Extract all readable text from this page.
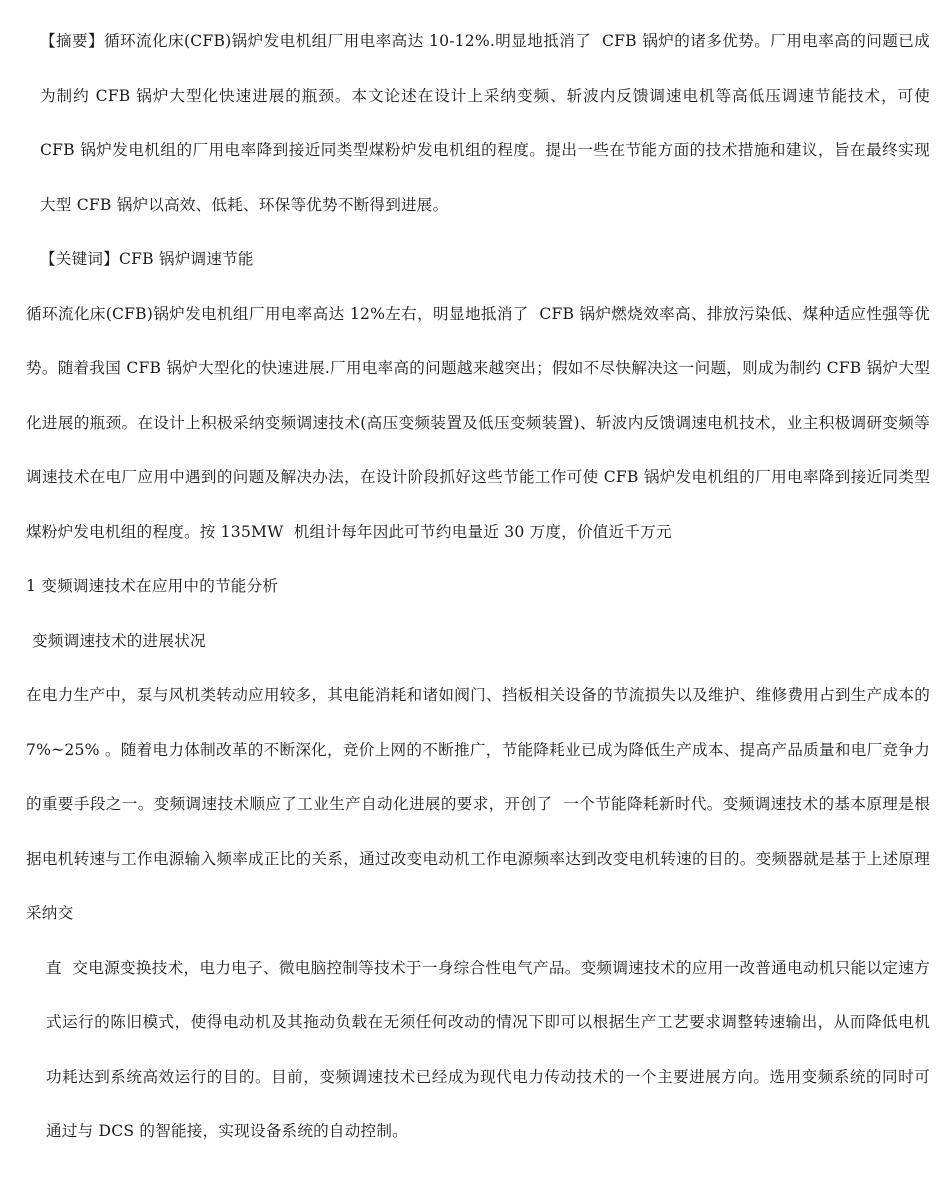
【摘要】循环流化床(CFB)锅炉发电机组厂用电率高达 10-12%.明显地抵消了  CFB 锅炉的诸多优势。厂用电率高的问题已成为制约 CFB 锅炉大型化快速进展的瓶颈。本文论述在设计上采纳变频、斩波内反馈调速电机等高低压调速节能技术，可使 CFB 锅炉发电机组的厂用电率降到接近同类型煤粉炉发电机组的程度。提出一些在节能方面的技术措施和建议，旨在最终实现大型 CFB 锅炉以高效、低耗、环保等优势不断得到进展。

【关键词】CFB 锅炉调速节能

循环流化床(CFB)锅炉发电机组厂用电率高达 12%左右，明显地抵消了  CFB 锅炉燃烧效率高、排放污染低、煤种适应性强等优势。随着我国 CFB 锅炉大型化的快速进展.厂用电率高的问题越来越突出；假如不尽快解决这一问题，则成为制约 CFB 锅炉大型化进展的瓶颈。在设计上积极采纳变频调速技术(高压变频装置及低压变频装置)、斩波内反馈调速电机技术，业主积极调研变频等调速技术在电厂应用中遇到的问题及解决办法，在设计阶段抓好这些节能工作可使 CFB 锅炉发电机组的厂用电率降到接近同类型煤粉炉发电机组的程度。按 135MW  机组计每年因此可节约电量近 30 万度，价值近千万元

1 变频调速技术在应用中的节能分析

变频调速技术的进展状况

在电力生产中，泵与风机类转动应用较多，其电能消耗和诸如阀门、挡板相关设备的节流损失以及维护、维修费用占到生产成本的 7%~25% 。随着电力体制改革的不断深化，竞价上网的不断推广，节能降耗业已成为降低生产成本、提高产品质量和电厂竞争力的重要手段之一。变频调速技术顺应了工业生产自动化进展的要求，开创了  一个节能降耗新时代。变频调速技术的基本原理是根据电机转速与工作电源输入频率成正比的关系，通过改变电动机工作电源频率达到改变电机转速的目的。变频器就是基于上述原理采纳交

直  交电源变换技术，电力电子、微电脑控制等技术于一身综合性电气产品。变频调速技术的应用一改普通电动机只能以定速方式运行的陈旧模式，使得电动机及其拖动负载在无须任何改动的情况下即可以根据生产工艺要求调整转速输出，从而降低电机功耗达到系统高效运行的目的。目前，变频调速技术已经成为现代电力传动技术的一个主要进展方向。选用变频系统的同时可通过与 DCS 的智能接，实现设备系统的自动控制。
